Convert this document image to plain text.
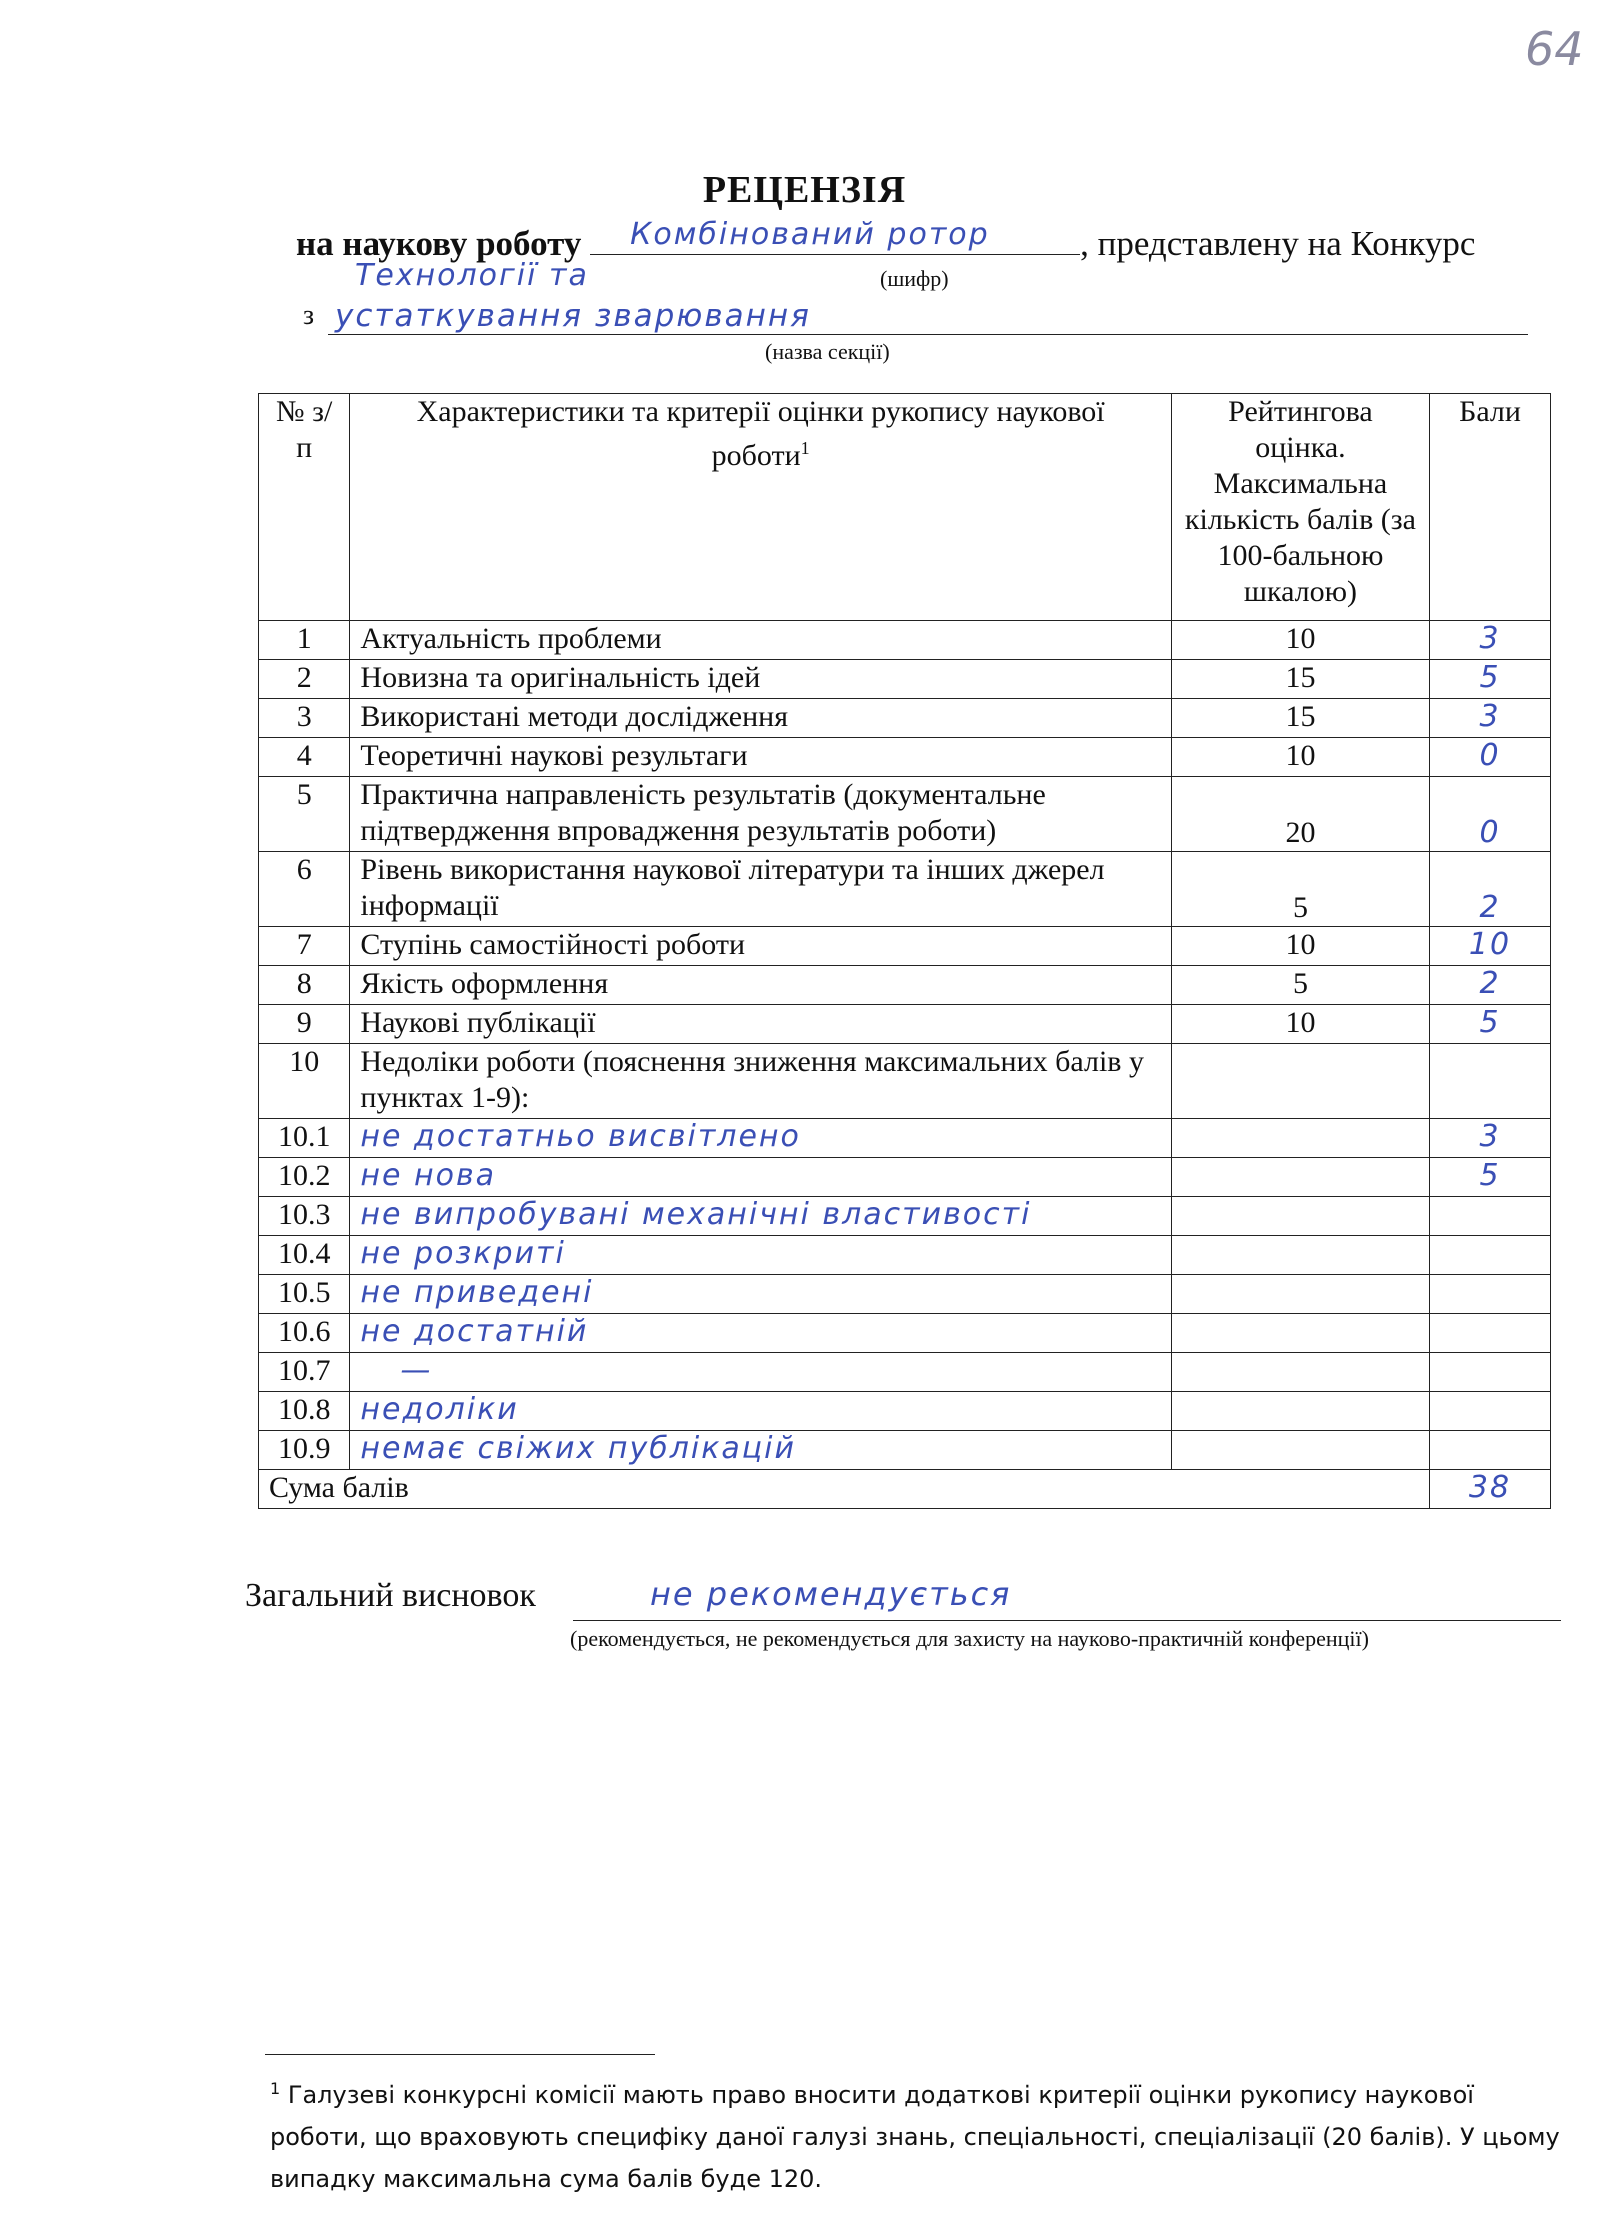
64
РЕЦЕНЗІЯ
на наукову роботу Комбінований ротор	, представлену на Конкурс
(шифр)
Технології та
з устаткування зварювання
(назва секції)
№ з/п	Характеристики та критерії оцінки рукопису наукової роботи$^1$	Рейтингова оцінка. Максимальна кількість балів (за 100-бальною шкалою)	Бали
1	Актуальність проблеми	10	3
2	Новизна та оригінальність ідей	15	5
3	Використані методи дослідження	15	3
4	Теоретичні наукові результаги	10	0
5	Практична направленість результатів (документальне підтвердження впровадження результатів роботи)	20	0
6	Рівень використання наукової літератури та інших джерел інформації	5	2
7	Ступінь самостійності роботи	10	10
8	Якість оформлення	5	2
9	Наукові публікації	10	5
10	Недоліки роботи (пояснення зниження максимальних балів у пунктах 1-9):		
10.1	не достатньо висвітлено		3
10.2	не нова		5
10.3	не випробувані механічні властивості		
10.4	не розкриті		
10.5	не приведені		
10.6	не достатній		
10.7	—		
10.8	недоліки		
10.9	немає свіжих публікацій		
Сума балів			38
Загальний висновок	не рекомендується
(рекомендується, не рекомендується для захисту на науково-практичній конференції)
$^1$ Галузеві конкурсні комісії мають право вносити додаткові критерії оцінки рукопису наукової роботи, що враховують специфіку даної галузі знань, спеціальності, спеціалізації (20 балів). У цьому випадку максимальна сума балів буде 120.
